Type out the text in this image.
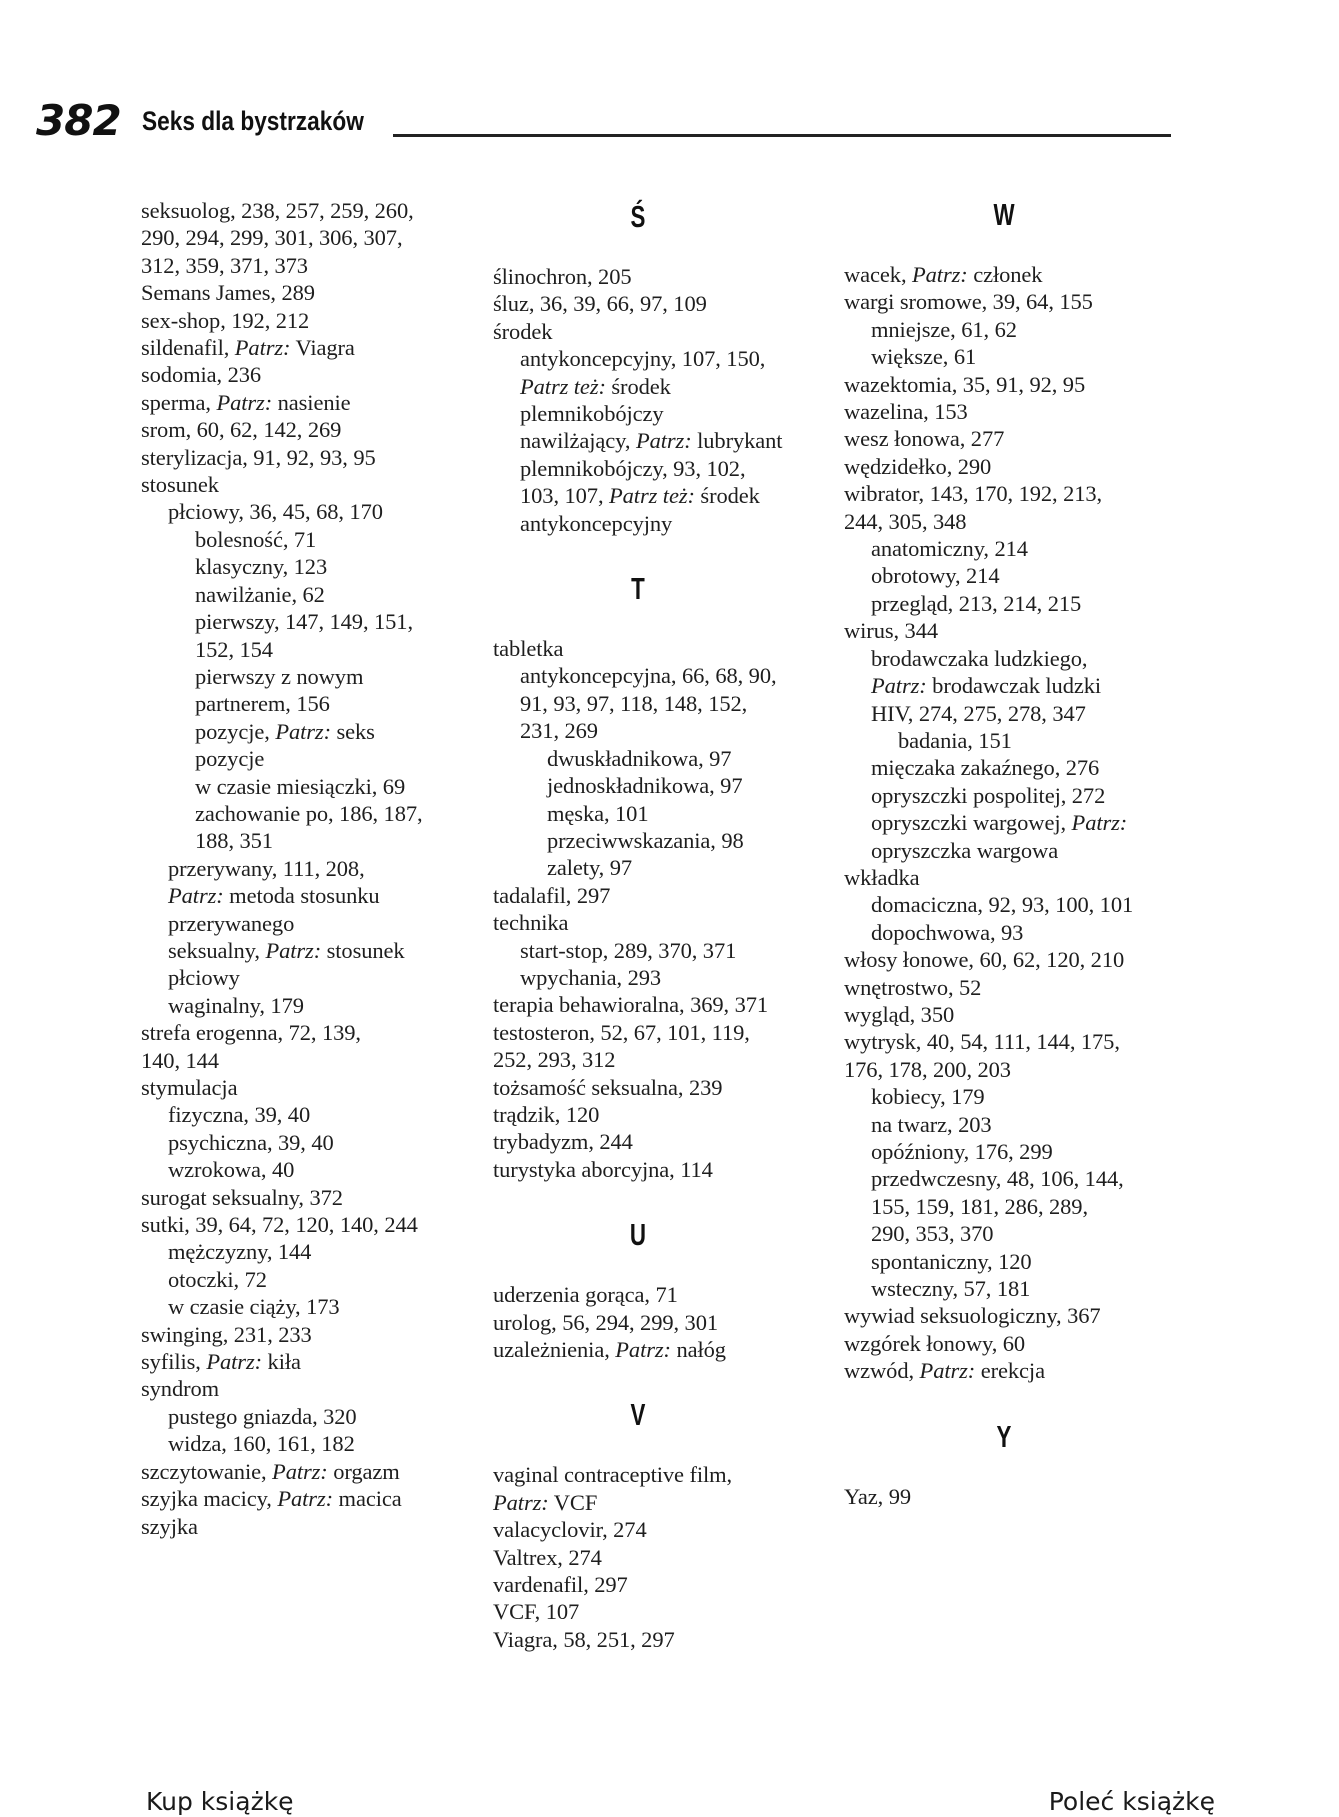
382 Seks dla bystrzaków
seksuolog, 238, 257, 259, 260,
290, 294, 299, 301, 306, 307,
312, 359, 371, 373
Semans James, 289
sex-shop, 192, 212
sildenafil, Patrz: Viagra
sodomia, 236
sperma, Patrz: nasienie
srom, 60, 62, 142, 269
sterylizacja, 91, 92, 93, 95
stosunek
płciowy, 36, 45, 68, 170
bolesność, 71
klasyczny, 123
nawilżanie, 62
pierwszy, 147, 149, 151,
152, 154
pierwszy z nowym
partnerem, 156
pozycje, Patrz: seks
pozycje
w czasie miesiączki, 69
zachowanie po, 186, 187,
188, 351
przerywany, 111, 208,
Patrz: metoda stosunku
przerywanego
seksualny, Patrz: stosunek
płciowy
waginalny, 179
strefa erogenna, 72, 139,
140, 144
stymulacja
fizyczna, 39, 40
psychiczna, 39, 40
wzrokowa, 40
surogat seksualny, 372
sutki, 39, 64, 72, 120, 140, 244
mężczyzny, 144
otoczki, 72
w czasie ciąży, 173
swinging, 231, 233
syfilis, Patrz: kiła
syndrom
pustego gniazda, 320
widza, 160, 161, 182
szczytowanie, Patrz: orgazm
szyjka macicy, Patrz: macica
szyjka
Ś
ślinochron, 205
śluz, 36, 39, 66, 97, 109
środek
antykoncepcyjny, 107, 150,
Patrz też: środek
plemnikobójczy
nawilżający, Patrz: lubrykant
plemnikobójczy, 93, 102,
103, 107, Patrz też: środek
antykoncepcyjny
T
tabletka
antykoncepcyjna, 66, 68, 90,
91, 93, 97, 118, 148, 152,
231, 269
dwuskładnikowa, 97
jednoskładnikowa, 97
męska, 101
przeciwwskazania, 98
zalety, 97
tadalafil, 297
technika
start-stop, 289, 370, 371
wpychania, 293
terapia behawioralna, 369, 371
testosteron, 52, 67, 101, 119,
252, 293, 312
tożsamość seksualna, 239
trądzik, 120
trybadyzm, 244
turystyka aborcyjna, 114
U
uderzenia gorąca, 71
urolog, 56, 294, 299, 301
uzależnienia, Patrz: nałóg
V
vaginal contraceptive film,
Patrz: VCF
valacyclovir, 274
Valtrex, 274
vardenafil, 297
VCF, 107
Viagra, 58, 251, 297
W
wacek, Patrz: członek
wargi sromowe, 39, 64, 155
mniejsze, 61, 62
większe, 61
wazektomia, 35, 91, 92, 95
wazelina, 153
wesz łonowa, 277
wędzidełko, 290
wibrator, 143, 170, 192, 213,
244, 305, 348
anatomiczny, 214
obrotowy, 214
przegląd, 213, 214, 215
wirus, 344
brodawczaka ludzkiego,
Patrz: brodawczak ludzki
HIV, 274, 275, 278, 347
badania, 151
mięczaka zakaźnego, 276
opryszczki pospolitej, 272
opryszczki wargowej, Patrz:
opryszczka wargowa
wkładka
domaciczna, 92, 93, 100, 101
dopochwowa, 93
włosy łonowe, 60, 62, 120, 210
wnętrostwo, 52
wygląd, 350
wytrysk, 40, 54, 111, 144, 175,
176, 178, 200, 203
kobiecy, 179
na twarz, 203
opóźniony, 176, 299
przedwczesny, 48, 106, 144,
155, 159, 181, 286, 289,
290, 353, 370
spontaniczny, 120
wsteczny, 57, 181
wywiad seksuologiczny, 367
wzgórek łonowy, 60
wzwód, Patrz: erekcja
Y
Yaz, 99
Kup książkę	Poleć książkę
